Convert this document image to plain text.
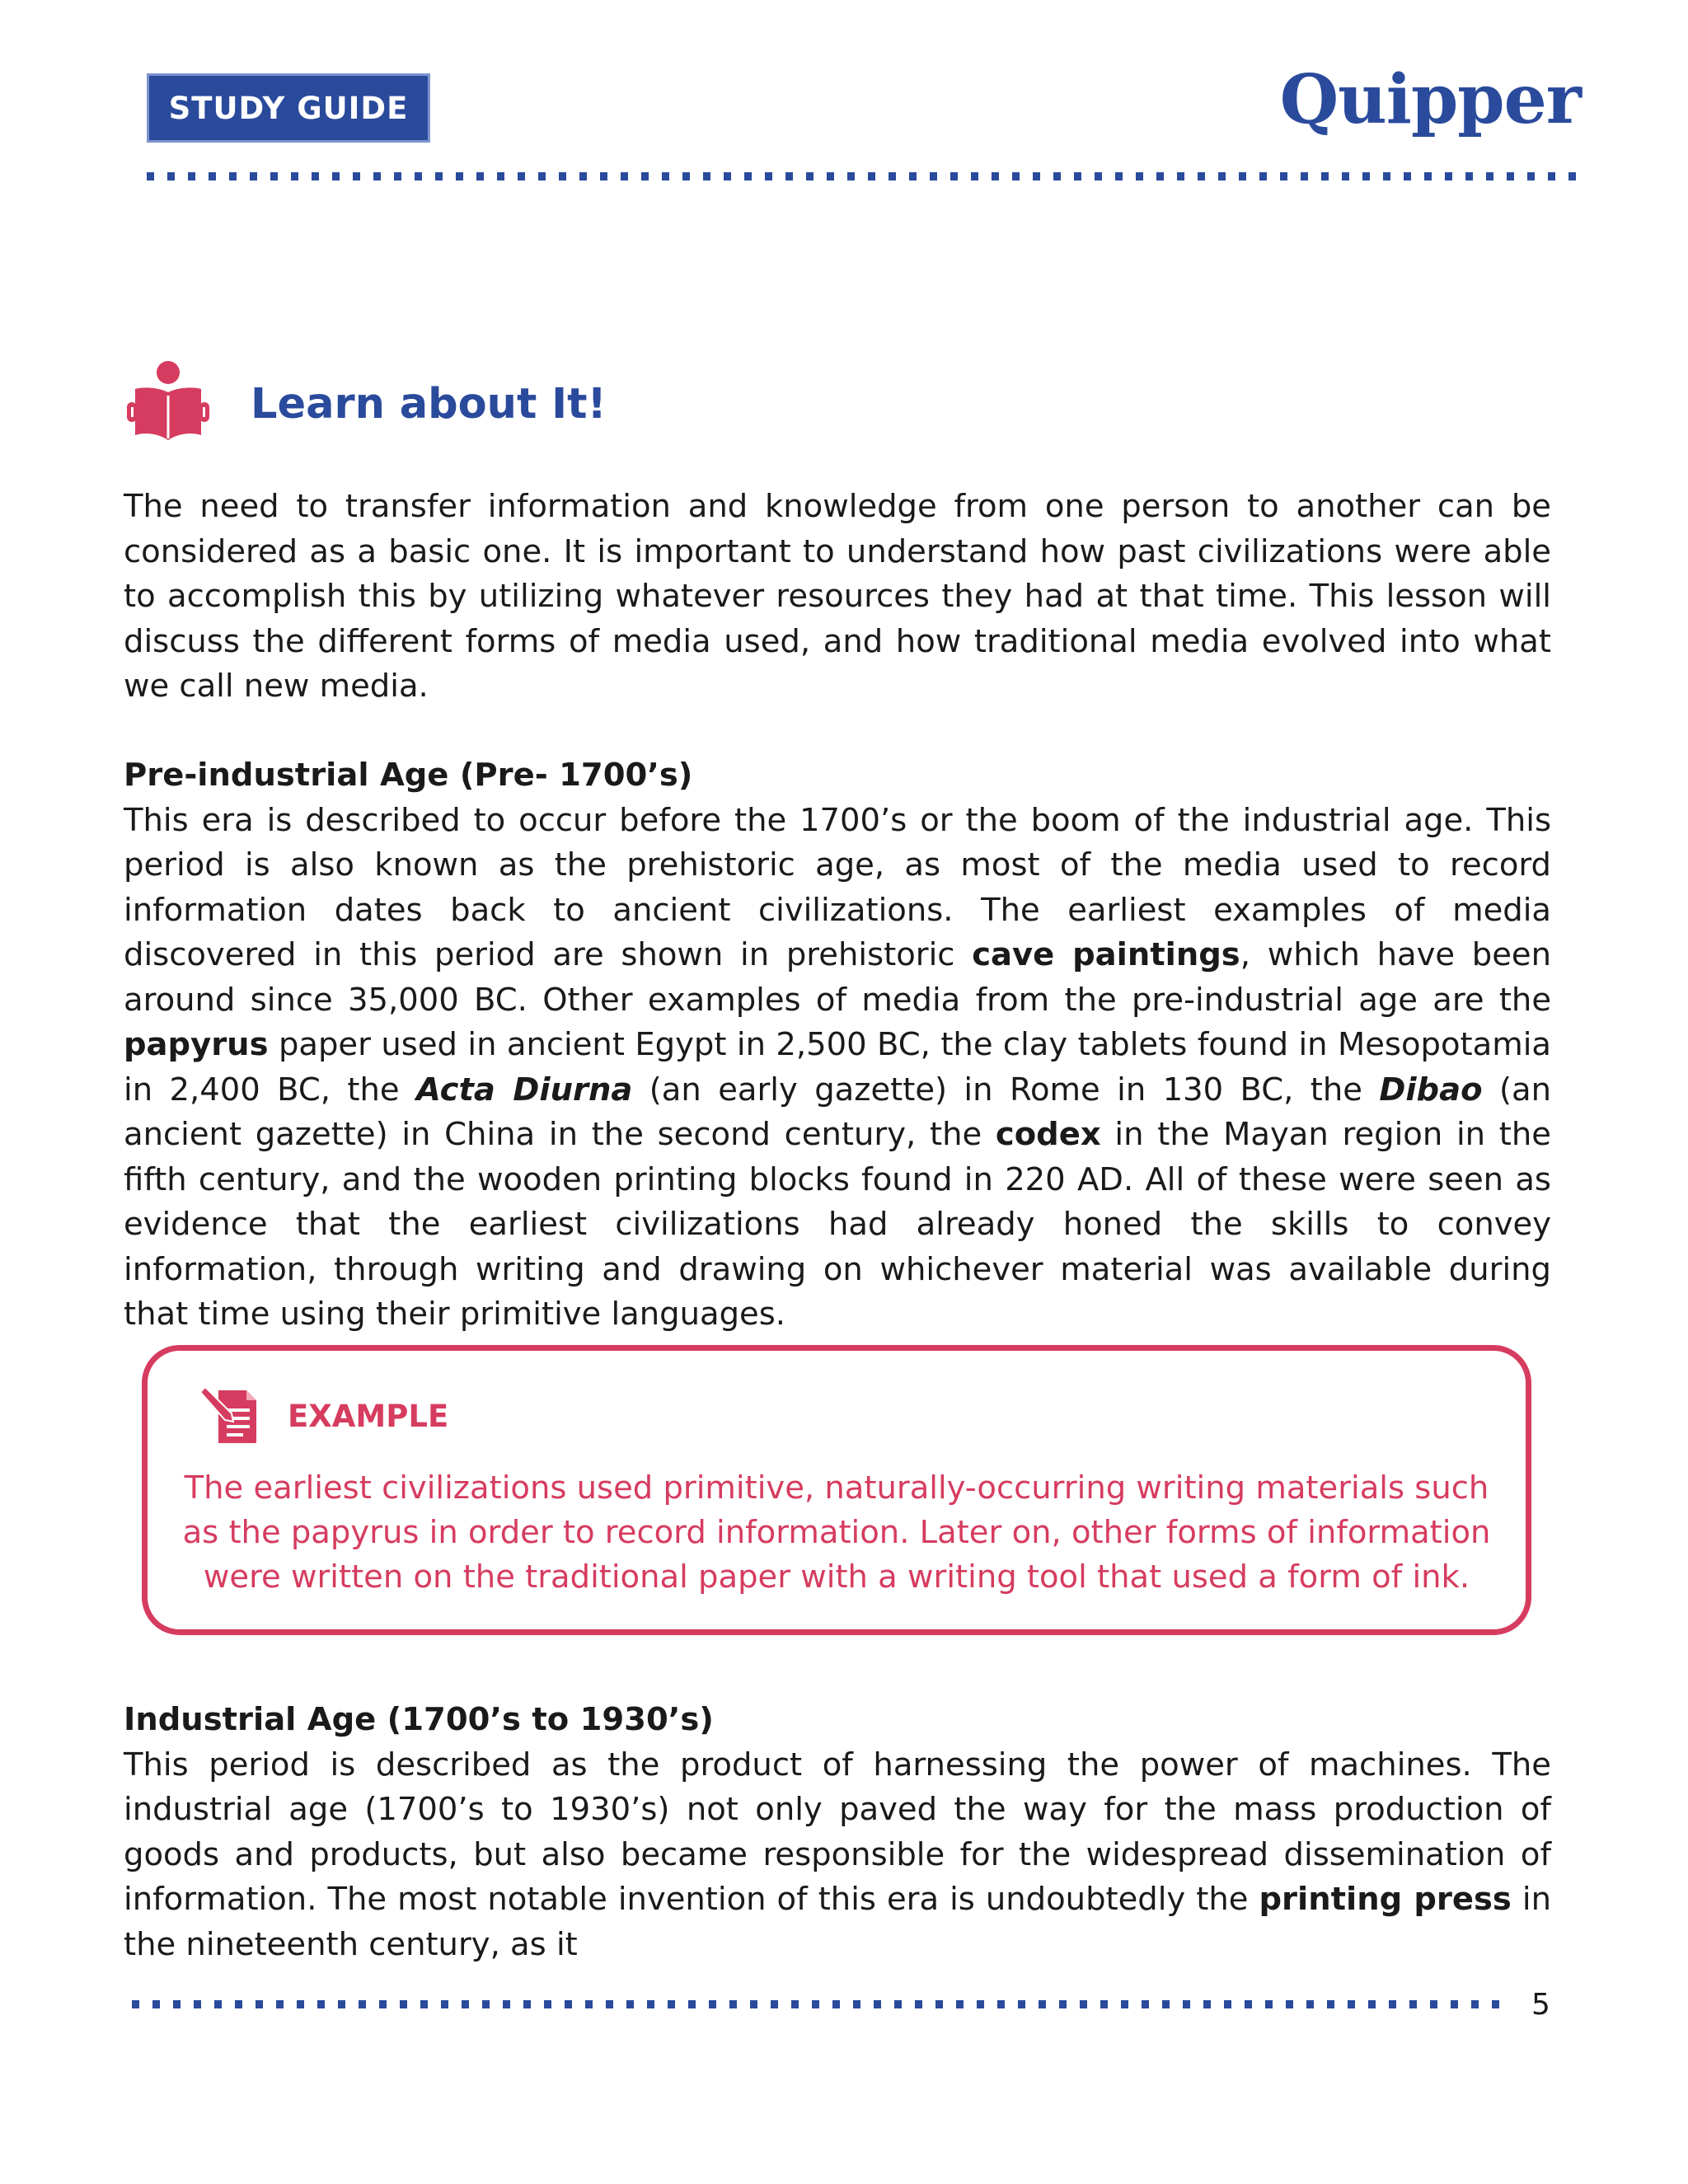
STUDY GUIDE	Quipper
Learn about It!

The need to transfer information and knowledge from one person to another can be considered as a basic one. It is important to understand how past civilizations were able to accomplish this by utilizing whatever resources they had at that time. This lesson will discuss the different forms of media used, and how traditional media evolved into what we call new media.

Pre-industrial Age (Pre- 1700’s)

This era is described to occur before the 1700’s or the boom of the industrial age. This period is also known as the prehistoric age, as most of the media used to record information dates back to ancient civilizations. The earliest examples of media discovered in this period are shown in prehistoric cave paintings, which have been around since 35,000 BC. Other examples of media from the pre-industrial age are the papyrus paper used in ancient Egypt in 2,500 BC, the clay tablets found in Mesopotamia in 2,400 BC, the Acta Diurna (an early gazette) in Rome in 130 BC, the Dibao (an ancient gazette) in China in the second century, the codex in the Mayan region in the fifth century, and the wooden printing blocks found in 220 AD. All of these were seen as evidence that the earliest civilizations had already honed the skills to convey information, through writing and drawing on whichever material was available during that time using their primitive languages.

EXAMPLE
The earliest civilizations used primitive, naturally-occurring writing materials such as the papyrus in order to record information. Later on, other forms of information were written on the traditional paper with a writing tool that used a form of ink.

Industrial Age (1700’s to 1930’s)

This period is described as the product of harnessing the power of machines. The industrial age (1700’s to 1930’s) not only paved the way for the mass production of goods and products, but also became responsible for the widespread dissemination of information. The most notable invention of this era is undoubtedly the printing press in the nineteenth century, as it

5
